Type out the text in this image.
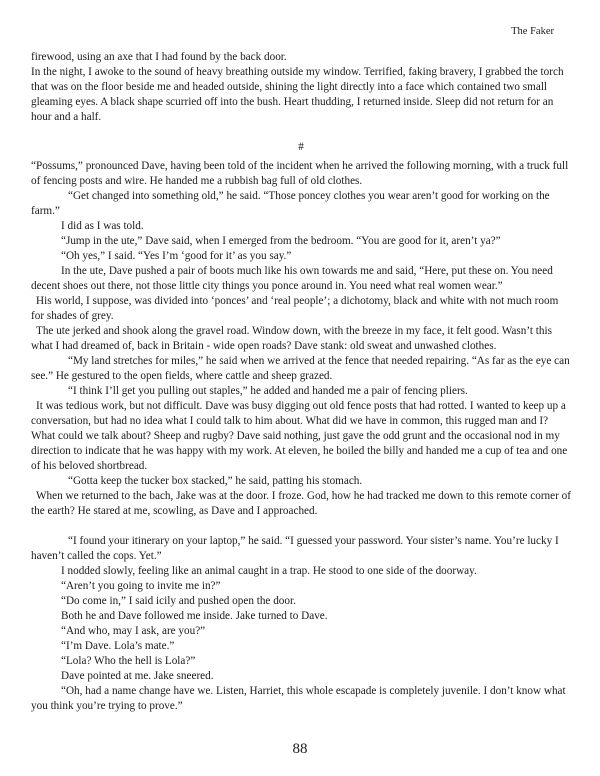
The Faker

firewood, using an axe that I had found by the back door.

In the night, I awoke to the sound of heavy breathing outside my window. Terrified, faking bravery, I grabbed the torch that was on the floor beside me and headed outside, shining the light directly into a face which contained two small gleaming eyes. A black shape scurried off into the bush. Heart thudding, I returned inside. Sleep did not return for an hour and a half.

#

“Possums,” pronounced Dave, having been told of the incident when he arrived the following morning, with a truck full of fencing posts and wire. He handed me a rubbish bag full of old clothes.

“Get changed into something old,” he said. “Those poncey clothes you wear aren’t good for working on the farm.”

I did as I was told.

“Jump in the ute,” Dave said, when I emerged from the bedroom. “You are good for it, aren’t ya?”

“Oh yes,” I said. “Yes I’m ‘good for it’ as you say.”

In the ute, Dave pushed a pair of boots much like his own towards me and said, “Here, put these on. You need decent shoes out there, not those little city things you ponce around in. You need what real women wear.”

His world, I suppose, was divided into ‘ponces’ and ‘real people’; a dichotomy, black and white with not much room for shades of grey.

The ute jerked and shook along the gravel road. Window down, with the breeze in my face, it felt good. Wasn’t this what I had dreamed of, back in Britain - wide open roads? Dave stank: old sweat and unwashed clothes.

“My land stretches for miles,” he said when we arrived at the fence that needed repairing. “As far as the eye can see.” He gestured to the open fields, where cattle and sheep grazed.

“I think I’ll get you pulling out staples,” he added and handed me a pair of fencing pliers.

It was tedious work, but not difficult. Dave was busy digging out old fence posts that had rotted. I wanted to keep up a conversation, but had no idea what I could talk to him about. What did we have in common, this rugged man and I? What could we talk about? Sheep and rugby? Dave said nothing, just gave the odd grunt and the occasional nod in my direction to indicate that he was happy with my work. At eleven, he boiled the billy and handed me a cup of tea and one of his beloved shortbread.

“Gotta keep the tucker box stacked,” he said, patting his stomach.

When we returned to the bach, Jake was at the door. I froze. God, how he had tracked me down to this remote corner of the earth? He stared at me, scowling, as Dave and I approached.

“I found your itinerary on your laptop,” he said. “I guessed your password. Your sister’s name. You’re lucky I haven’t called the cops. Yet.”

I nodded slowly, feeling like an animal caught in a trap. He stood to one side of the doorway.

“Aren’t you going to invite me in?”

“Do come in,” I said icily and pushed open the door.

Both he and Dave followed me inside. Jake turned to Dave.

“And who, may I ask, are you?”

“I’m Dave. Lola’s mate.”

“Lola? Who the hell is Lola?”

Dave pointed at me. Jake sneered.

“Oh, had a name change have we. Listen, Harriet, this whole escapade is completely juvenile. I don’t know what you think you’re trying to prove.”

88
